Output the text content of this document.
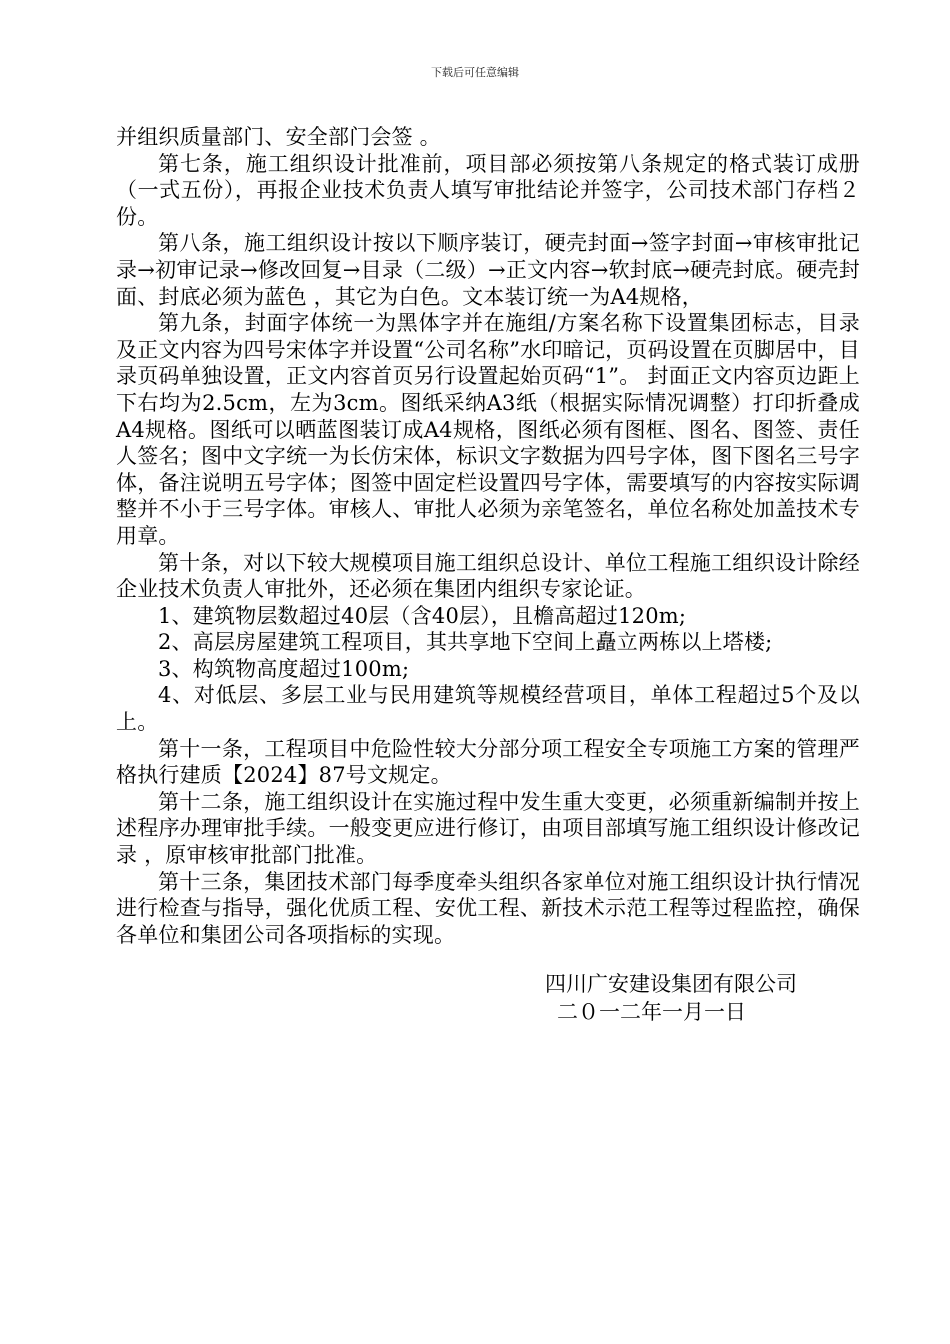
下载后可任意编辑

并组织质量部门、安全部门会签 。

第七条，施工组织设计批准前，项目部必须按第八条规定的格式装订成册（一式五份），再报企业技术负责人填写审批结论并签字，公司技术部门存档２份。

第八条，施工组织设计按以下顺序装订，硬壳封面→签字封面→审核审批记录→初审记录→修改回复→目录（二级）→正文内容→软封底→硬壳封底。硬壳封面、封底必须为蓝色 ，其它为白色。文本装订统一为A4规格，

第九条，封面字体统一为黑体字并在施组/方案名称下设置集团标志，目录及正文内容为四号宋体字并设置“公司名称”水印暗记，页码设置在页脚居中，目录页码单独设置，正文内容首页另行设置起始页码“1”。 封面正文内容页边距上下右均为2.5cm，左为3cm。图纸采纳A3纸（根据实际情况调整）打印折叠成A4规格。图纸可以晒蓝图装订成A4规格，图纸必须有图框、图名、图签、责任人签名；图中文字统一为长仿宋体，标识文字数据为四号字体，图下图名三号字体，备注说明五号字体；图签中固定栏设置四号字体，需要填写的内容按实际调整并不小于三号字体。审核人、审批人必须为亲笔签名，单位名称处加盖技术专用章。

第十条，对以下较大规模项目施工组织总设计、单位工程施工组织设计除经企业技术负责人审批外，还必须在集团内组织专家论证。

1、建筑物层数超过40层（含40层），且檐高超过120m;

2、高层房屋建筑工程项目，其共享地下空间上矗立两栋以上塔楼;

3、构筑物高度超过100m;

4、对低层、多层工业与民用建筑等规模经营项目，单体工程超过5个及以上。

第十一条，工程项目中危险性较大分部分项工程安全专项施工方案的管理严格执行建质【2024】87号文规定。

第十二条，施工组织设计在实施过程中发生重大变更，必须重新编制并按上述程序办理审批手续。一般变更应进行修订，由项目部填写施工组织设计修改记录 ，原审核审批部门批准。

第十三条，集团技术部门每季度牵头组织各家单位对施工组织设计执行情况进行检查与指导，强化优质工程、安优工程、新技术示范工程等过程监控，确保各单位和集团公司各项指标的实现。

四川广安建设集团有限公司
二０一二年一月一日
